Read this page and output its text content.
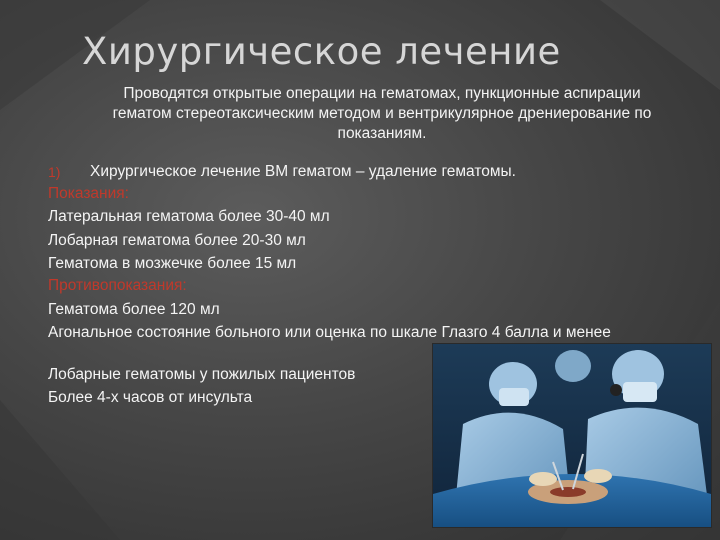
Хирургическое лечение
Проводятся открытые операции на гематомах, пункционные аспирации гематом стереотаксическим методом и вентрикулярное дрениерование по показаниям.
1) Хирургическое лечение ВМ гематом – удаление гематомы.
Показания:
Латеральная гематома более 30-40 мл
Лобарная гематома более 20-30 мл
Гематома в мозжечке более 15 мл
Противопоказания:
Гематома более 120 мл
Агональное состояние больного или оценка по шкале Глазго 4 балла и менее
Лобарные гематомы у пожилых пациентов
Более 4-х часов от инсульта
